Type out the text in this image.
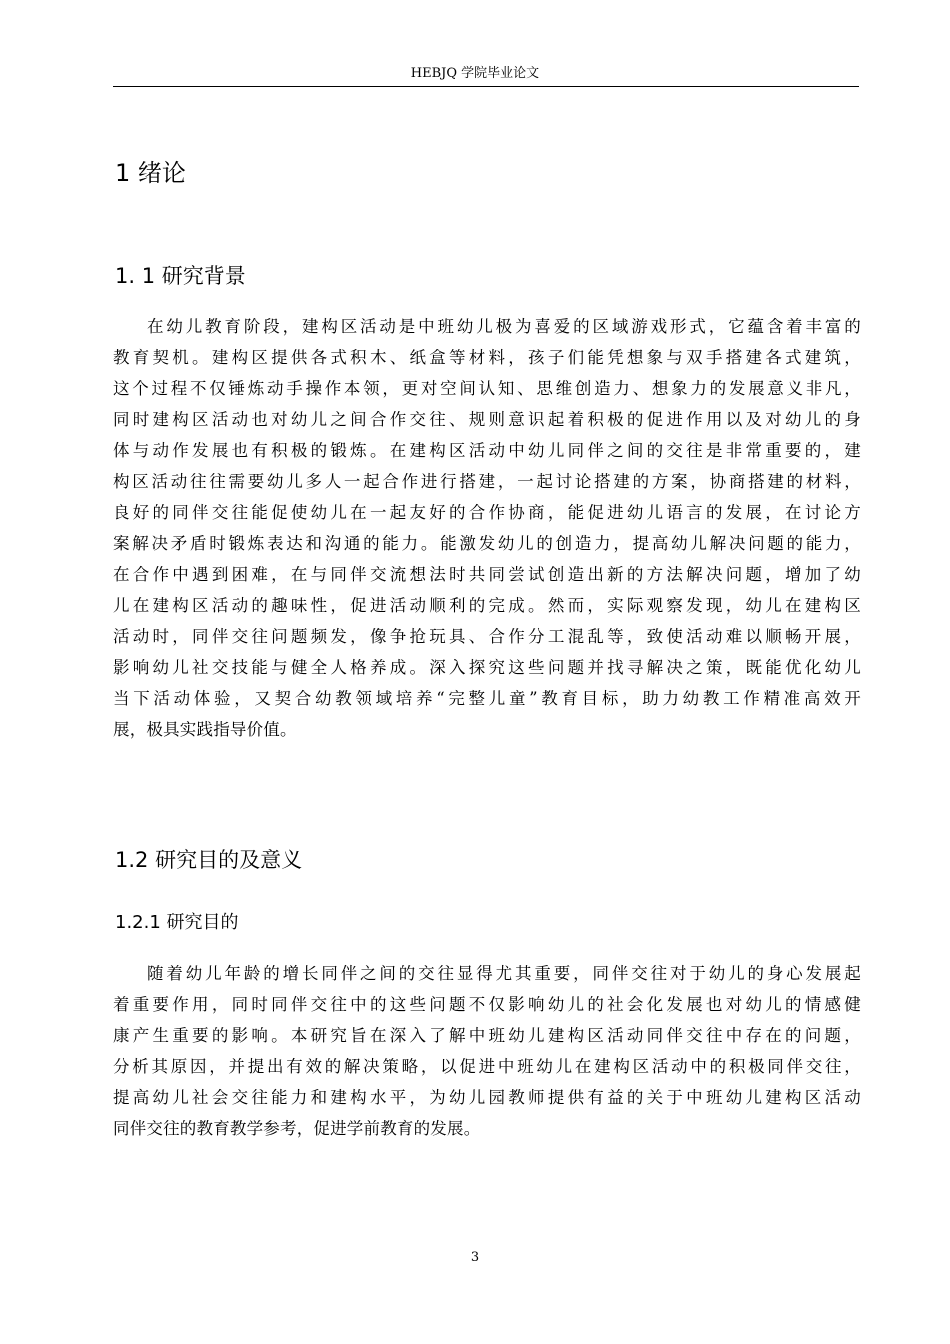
HEBJQ 学院毕业论文
1 绪论
1. 1 研究背景
在幼儿教育阶段，建构区活动是中班幼儿极为喜爱的区域游戏形式，它蕴含着丰富的
教育契机。建构区提供各式积木、纸盒等材料，孩子们能凭想象与双手搭建各式建筑，
这个过程不仅锤炼动手操作本领，更对空间认知、思维创造力、想象力的发展意义非凡，
同时建构区活动也对幼儿之间合作交往、规则意识起着积极的促进作用以及对幼儿的身
体与动作发展也有积极的锻炼。在建构区活动中幼儿同伴之间的交往是非常重要的，建
构区活动往往需要幼儿多人一起合作进行搭建，一起讨论搭建的方案，协商搭建的材料，
良好的同伴交往能促使幼儿在一起友好的合作协商，能促进幼儿语言的发展，在讨论方
案解决矛盾时锻炼表达和沟通的能力。能激发幼儿的创造力，提高幼儿解决问题的能力，
在合作中遇到困难，在与同伴交流想法时共同尝试创造出新的方法解决问题，增加了幼
儿在建构区活动的趣味性，促进活动顺利的完成。然而，实际观察发现，幼儿在建构区
活动时，同伴交往问题频发，像争抢玩具、合作分工混乱等，致使活动难以顺畅开展，
影响幼儿社交技能与健全人格养成。深入探究这些问题并找寻解决之策，既能优化幼儿
当下活动体验，又契合幼教领域培养“完整儿童”教育目标，助力幼教工作精准高效开
展，极具实践指导价值。
1.2 研究目的及意义
1.2.1 研究目的
随着幼儿年龄的增长同伴之间的交往显得尤其重要，同伴交往对于幼儿的身心发展起
着重要作用，同时同伴交往中的这些问题不仅影响幼儿的社会化发展也对幼儿的情感健
康产生重要的影响。本研究旨在深入了解中班幼儿建构区活动同伴交往中存在的问题，
分析其原因，并提出有效的解决策略，以促进中班幼儿在建构区活动中的积极同伴交往，
提高幼儿社会交往能力和建构水平，为幼儿园教师提供有益的关于中班幼儿建构区活动
同伴交往的教育教学参考，促进学前教育的发展。
3
